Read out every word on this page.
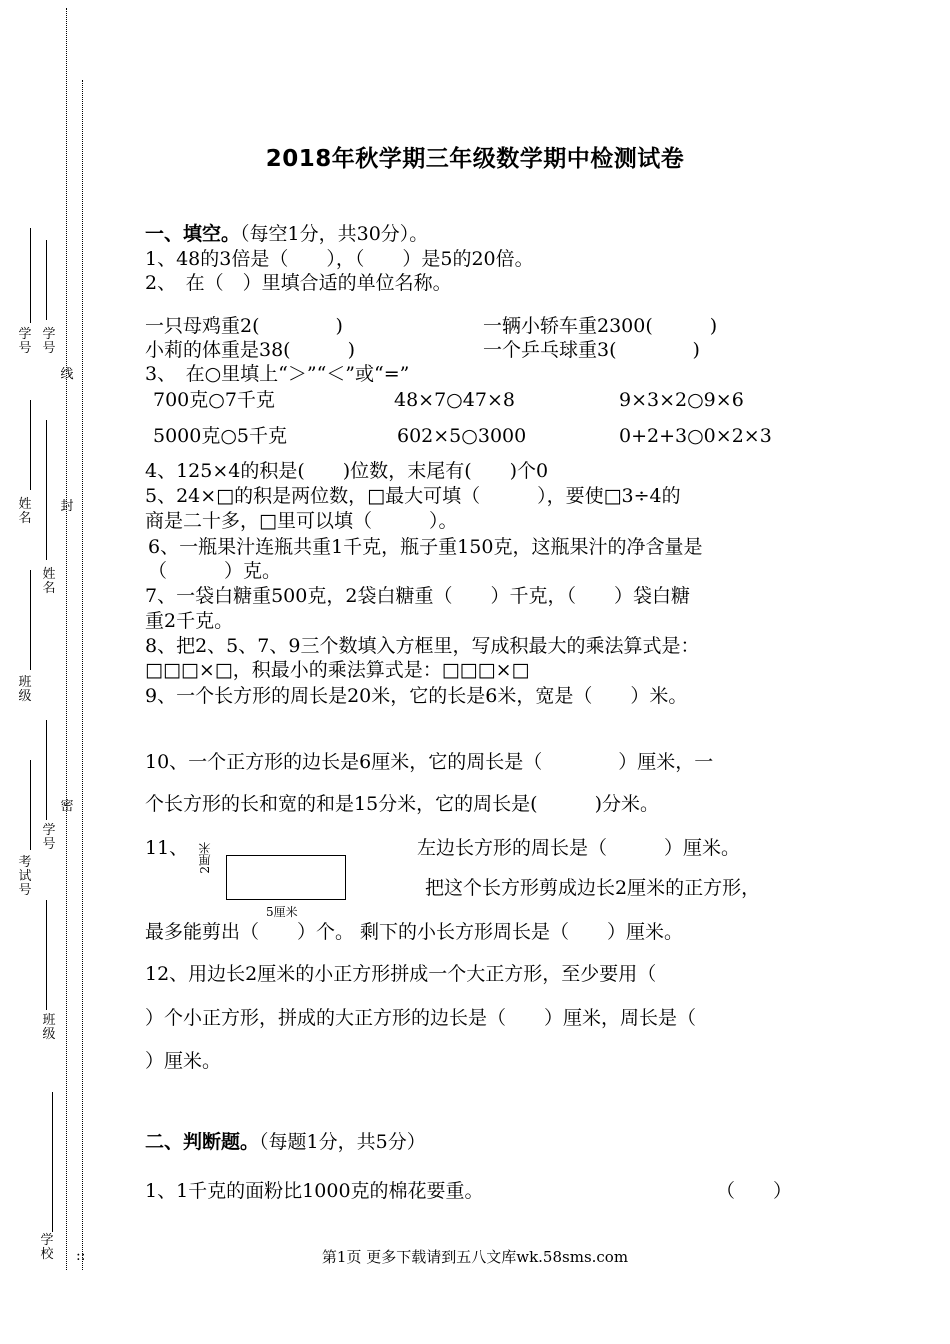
学
号
姓
名
班
级
考
试
号
学
号
线
姓
名
封
学
号
密
班
级
学
校 ::
2018年秋学期三年级数学期中检测试卷
一、填空。（每空1分，共30分）。
1、48的3倍是（　　），（　　）是5的20倍。
2、　在（　）里填合适的单位名称。
一只母鸡重2(　　　　)	一辆小轿车重2300(　　　)
小莉的体重是38(　　　)	一个乒乓球重3(　　　　)
3、　在○里填上“＞”“＜”或“=”
700克○7千克	48×7○47×8	9×3×2○9×6
5000克○5千克	602×5○3000	0+2+3○0×2×3
4、125×4的积是(　　)位数，末尾有(　　)个0
5、24×□的积是两位数，□最大可填（　　　），要使□3÷4的
商是二十多，□里可以填（　　　）。
6、一瓶果汁连瓶共重1千克，瓶子重150克，这瓶果汁的净含量是
（　　　）克。
7、一袋白糖重500克，2袋白糖重（　　）千克，（　　）袋白糖
重2千克。
8、把2、5、7、9三个数填入方框里，写成积最大的乘法算式是：
□□□×□，积最小的乘法算式是：□□□×□
9、一个长方形的周长是20米，它的长是6米，宽是（　　）米。
10、一个正方形的边长是6厘米，它的周长是（　　　　）厘米，一
个长方形的长和宽的和是15分米，它的周长是(　　　)分米。
11、 2厘米
5厘米
左边长方形的周长是（　　　）厘米。
把这个长方形剪成边长2厘米的正方形，
最多能剪出（　　）个。 剩下的小长方形周长是（　　）厘米。
12、用边长2厘米的小正方形拼成一个大正方形，至少要用（
）个小正方形，拼成的大正方形的边长是（　　）厘米，周长是（
）厘米。
二、判断题。（每题1分，共5分）
1、1千克的面粉比1000克的棉花要重。	（　　）
第1页 更多下载请到五八文库wk.58sms.com
